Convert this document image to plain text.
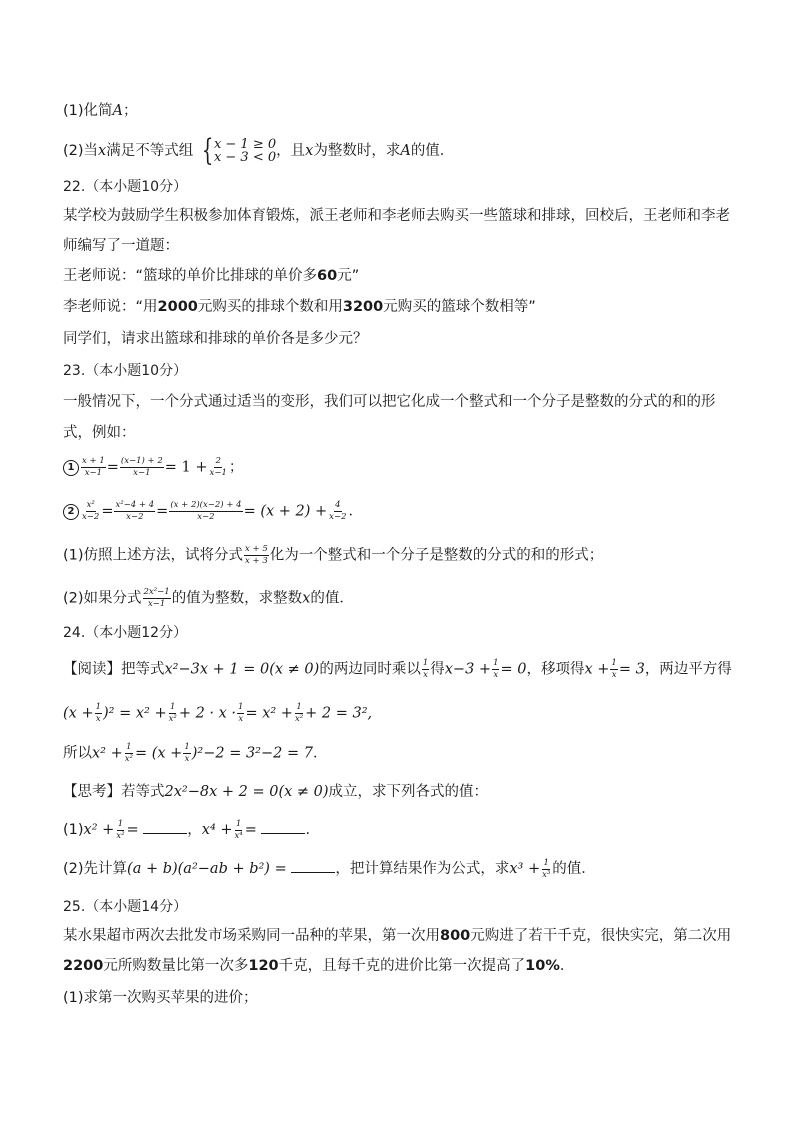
(1)化简A；
(2)当x满足不等式组 { x − 1 ≥ 0
x − 3 < 0 ，且x为整数时，求A的值．
22.（本小题10分）
某学校为鼓励学生积极参加体育锻炼，派王老师和李老师去购买一些篮球和排球，回校后，王老师和李老
师编写了一道题：
王老师说：“篮球的单价比排球的单价多60元”
李老师说：“用2000元购买的排球个数和用3200元购买的篮球个数相等”
同学们，请求出篮球和排球的单价各是多少元？
23.（本小题10分）
一般情况下，一个分式通过适当的变形，我们可以把它化成一个整式和一个分子是整数的分式的和的形
式，例如：
$1 \frac{x + 1}{x-1} = \frac{(x-1) + 2}{x-1} = 1 + \frac{2}{x-1}$ ；
$2 \frac{\text{x²}}{x-2} = \frac{\text{x²−4 + 4}}{x-2} = \frac{(x + 2)(x-2) + 4}{x-2} = (x + 2) + \frac{4}{x-2}$ ．
(1)仿照上述方法，试将分式 $\frac{x + 5}{x + 3}$ 化为一个整式和一个分子是整数的分式的和的形式；
(2)如果分式 $\frac{\text{2x²−1}}{x-1}$ 的值为整数，求整数x的值．
24.（本小题12分）
【阅读】把等式x²−3x + 1 = 0(x ≠ 0)的两边同时乘以 $\frac{1}{x}$ 得$x-3 + \frac{1}{x} = 0$，移项得$x + \frac{1}{x} = 3$，两边平方得
$(x + \frac{1}{x} )^2 = x^2 + \frac{1}{\text{x²}} + 2 \cdot x \cdot \frac{1}{x} = x^2 + \frac{1}{\text{x²}} + 2 = 3^2$,
所以$x^2 + \frac{1}{\text{x²}} = (x + \frac{1}{x} )^2-2 = 3^2-2 = 7$．
【思考】若等式2x²−8x + 2 = 0(x ≠ 0)成立，求下列各式的值：
$(1)x^2 + \frac{1}{\text{x²}}$ =	，$x^4 + \frac{1}{\text{x⁴}}$ =	．
(2)先计算(a + b)(a²−ab + b²) =	，把计算结果作为公式，求$x^3 + \frac{1}{\text{x³}}$ 的值．
25.（本小题14分）
某水果超市两次去批发市场采购同一品种的苹果，第一次用800元购进了若干千克，很快实完，第二次用
2200元所购数量比第一次多120千克，且每千克的进价比第一次提高了10%．
(1)求第一次购买苹果的进价；
